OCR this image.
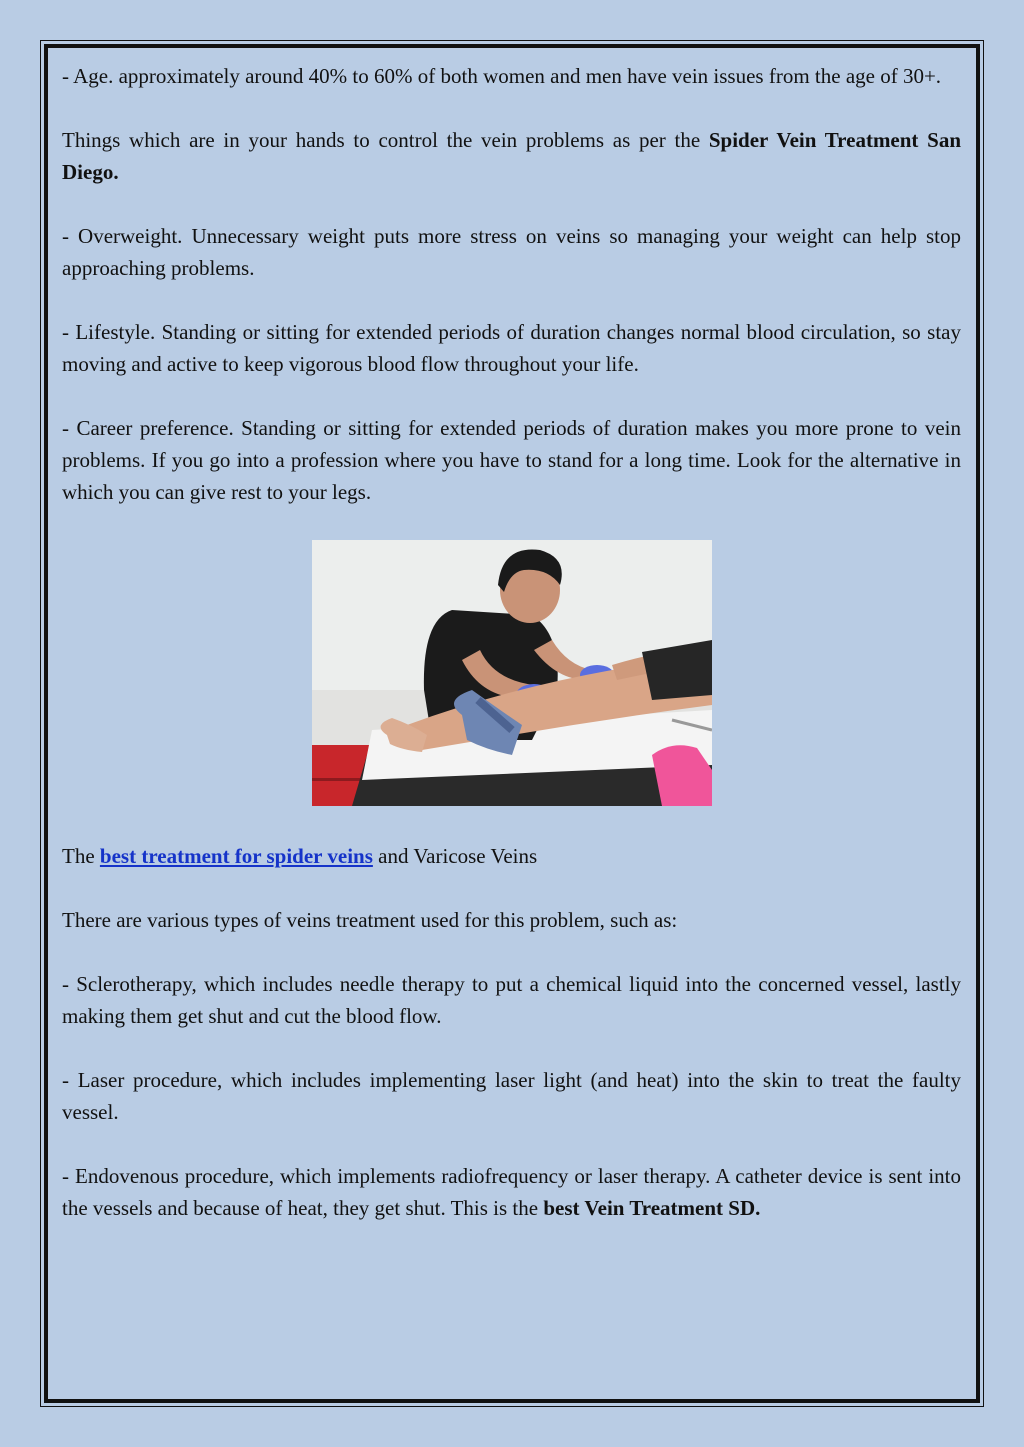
- Age. approximately around 40% to 60% of both women and men have vein issues from the age of 30+.

Things which are in your hands to control the vein problems as per the Spider Vein Treatment San Diego.

- Overweight. Unnecessary weight puts more stress on veins so managing your weight can help stop approaching problems.

- Lifestyle. Standing or sitting for extended periods of duration changes normal blood circulation, so stay moving and active to keep vigorous blood flow throughout your life.

- Career preference. Standing or sitting for extended periods of duration makes you more prone to vein problems. If you go into a profession where you have to stand for a long time. Look for the alternative in which you can give rest to your legs.

The best treatment for spider veins and Varicose Veins

There are various types of veins treatment used for this problem, such as:

- Sclerotherapy, which includes needle therapy to put a chemical liquid into the concerned vessel, lastly making them get shut and cut the blood flow.

- Laser procedure, which includes implementing laser light (and heat) into the skin to treat the faulty vessel.

- Endovenous procedure, which implements radiofrequency or laser therapy. A catheter device is sent into the vessels and because of heat, they get shut. This is the best Vein Treatment SD.
